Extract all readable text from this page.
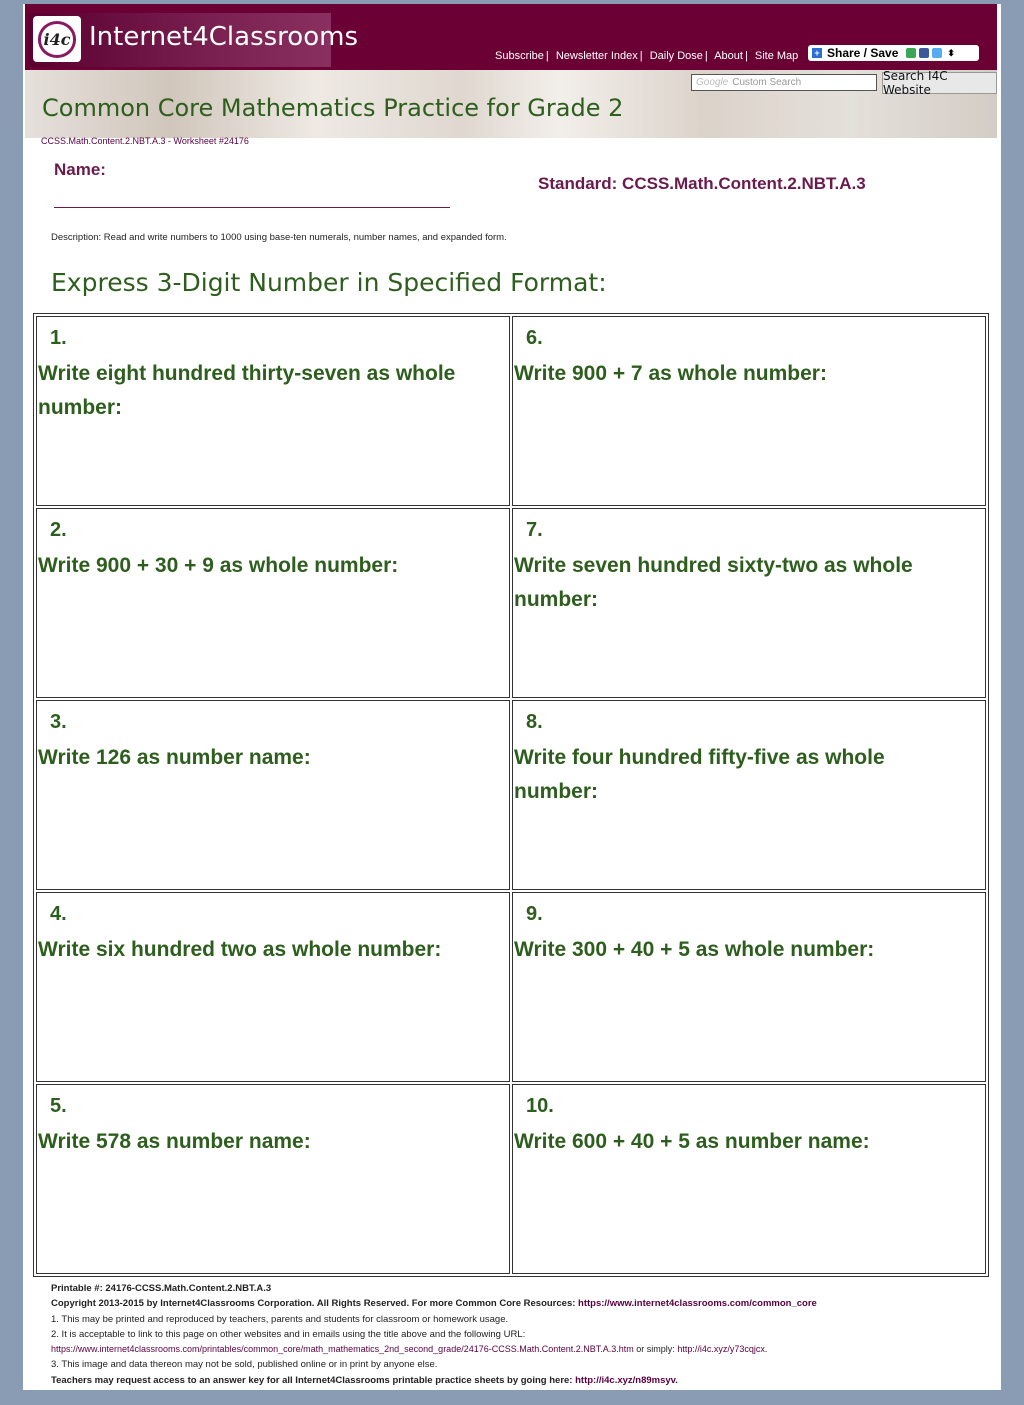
i4c Internet4Classrooms
Subscribe | Newsletter Index | Daily Dose | About | Site Map + Share / Save	⬍
Common Core Mathematics Practice for Grade 2
Google Custom Search	Search I4C Website
CCSS.Math.Content.2.NBT.A.3 - Worksheet #24176
Name:
Standard: CCSS.Math.Content.2.NBT.A.3
Description: Read and write numbers to 1000 using base-ten numerals, number names, and expanded form.
Express 3-Digit Number in Specified Format:
1.
Write eight hundred thirty-seven as whole number:
2.
Write 900 + 30 + 9 as whole number:
3.
Write 126 as number name:
4.
Write six hundred two as whole number:
5.
Write 578 as number name:
6.
Write 900 + 7 as whole number:
7.
Write seven hundred sixty-two as whole number:
8.
Write four hundred fifty-five as whole number:
9.
Write 300 + 40 + 5 as whole number:
10.
Write 600 + 40 + 5 as number name:
Printable #: 24176-CCSS.Math.Content.2.NBT.A.3
Copyright 2013-2015 by Internet4Classrooms Corporation. All Rights Reserved. For more Common Core Resources: https://www.internet4classrooms.com/common_core
1. This may be printed and reproduced by teachers, parents and students for classroom or homework usage.
2. It is acceptable to link to this page on other websites and in emails using the title above and the following URL:
https://www.internet4classrooms.com/printables/common_core/math_mathematics_2nd_second_grade/24176-CCSS.Math.Content.2.NBT.A.3.htm or simply: http://i4c.xyz/y73cqjcx.
3. This image and data thereon may not be sold, published online or in print by anyone else.
Teachers may request access to an answer key for all Internet4Classrooms printable practice sheets by going here: http://i4c.xyz/n89msyv.
